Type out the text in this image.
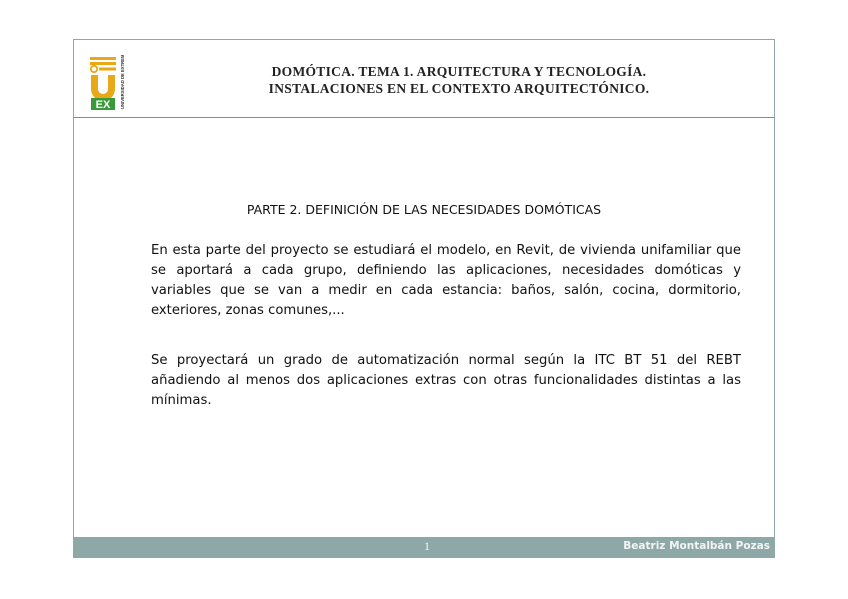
EX UNIVERSIDAD DE EXTREMADURA	DOMÓTICA. TEMA 1. ARQUITECTURA Y TECNOLOGÍA.
INSTALACIONES EN EL CONTEXTO ARQUITECTÓNICO.
PARTE 2. DEFINICIÓN DE LAS NECESIDADES DOMÓTICAS
En esta parte del proyecto se estudiará el modelo, en Revit, de vivienda unifamiliar que se aportará a cada grupo, definiendo las aplicaciones, necesidades domóticas y variables que se van a medir en cada estancia: baños, salón, cocina, dormitorio, exteriores, zonas comunes,...
Se proyectará un grado de automatización normal según la ITC BT 51 del REBT añadiendo al menos dos aplicaciones extras con otras funcionalidades distintas a las mínimas.
1	Beatriz Montalbán Pozas
